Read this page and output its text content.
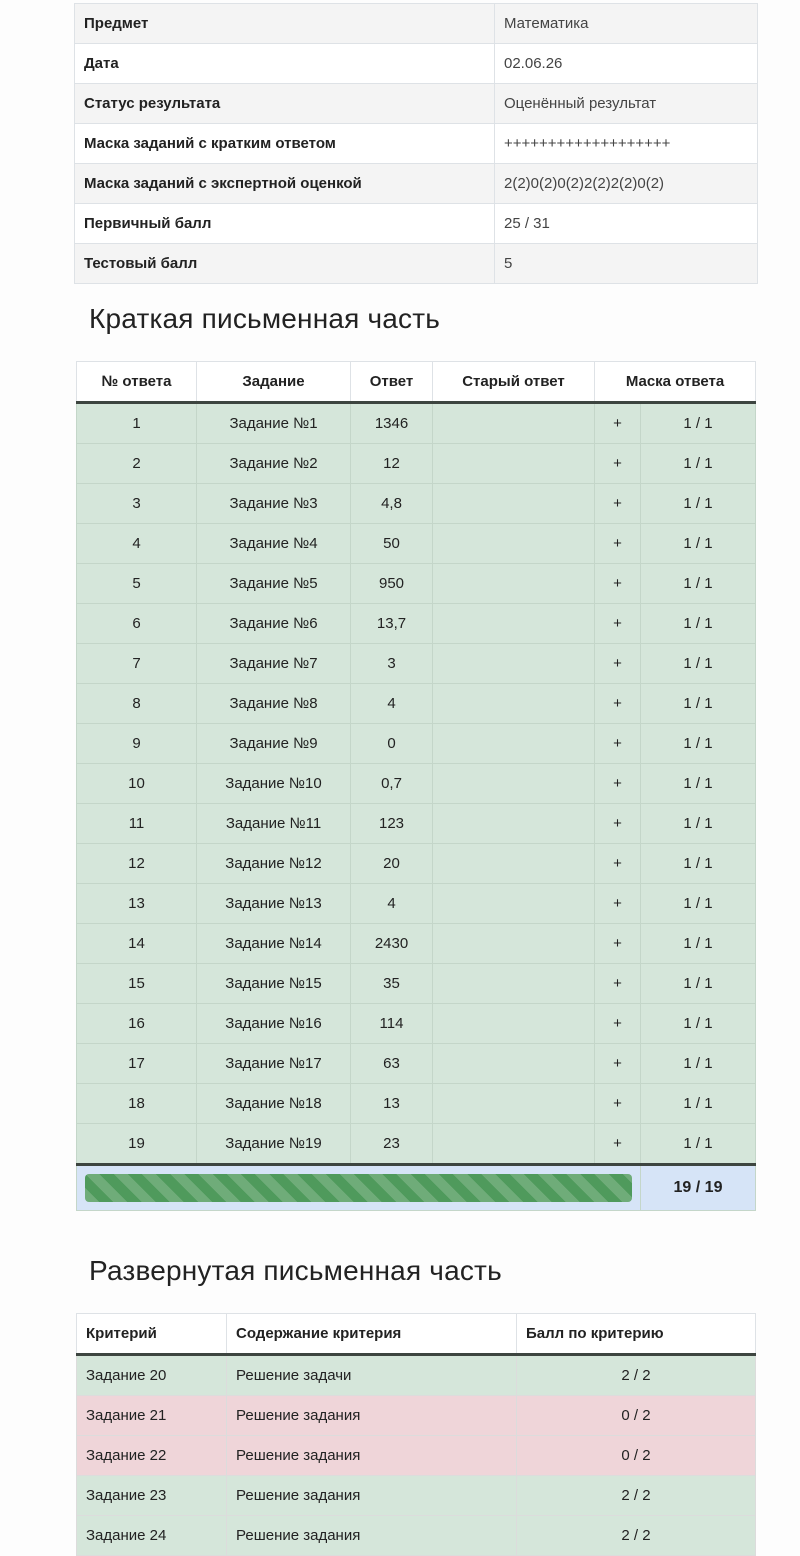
Предмет	Математика
Дата	02.06.26
Статус результата	Оценённый результат
Маска заданий с кратким ответом	+++++++++++++++++++
Маска заданий с экспертной оценкой	2(2)0(2)0(2)2(2)2(2)0(2)
Первичный балл	25 / 31
Тестовый балл	5
Краткая письменная часть
№ ответа	Задание	Ответ	Старый ответ	Маска ответа	
1	Задание №1	1346		+	1 / 1
2	Задание №2	12		+	1 / 1
3	Задание №3	4,8		+	1 / 1
4	Задание №4	50		+	1 / 1
5	Задание №5	950		+	1 / 1
6	Задание №6	13,7		+	1 / 1
7	Задание №7	3		+	1 / 1
8	Задание №8	4		+	1 / 1
9	Задание №9	0		+	1 / 1
10	Задание №10	0,7		+	1 / 1
11	Задание №11	123		+	1 / 1
12	Задание №12	20		+	1 / 1
13	Задание №13	4		+	1 / 1
14	Задание №14	2430		+	1 / 1
15	Задание №15	35		+	1 / 1
16	Задание №16	114		+	1 / 1
17	Задание №17	63		+	1 / 1
18	Задание №18	13		+	1 / 1
19	Задание №19	23		+	1 / 1

					19 / 19
Развернутая письменная часть
Критерий	Содержание критерия	Балл по критерию
Задание 20	Решение задачи	2 / 2
Задание 21	Решение задания	0 / 2
Задание 22	Решение задания	0 / 2
Задание 23	Решение задания	2 / 2
Задание 24	Решение задания	2 / 2
